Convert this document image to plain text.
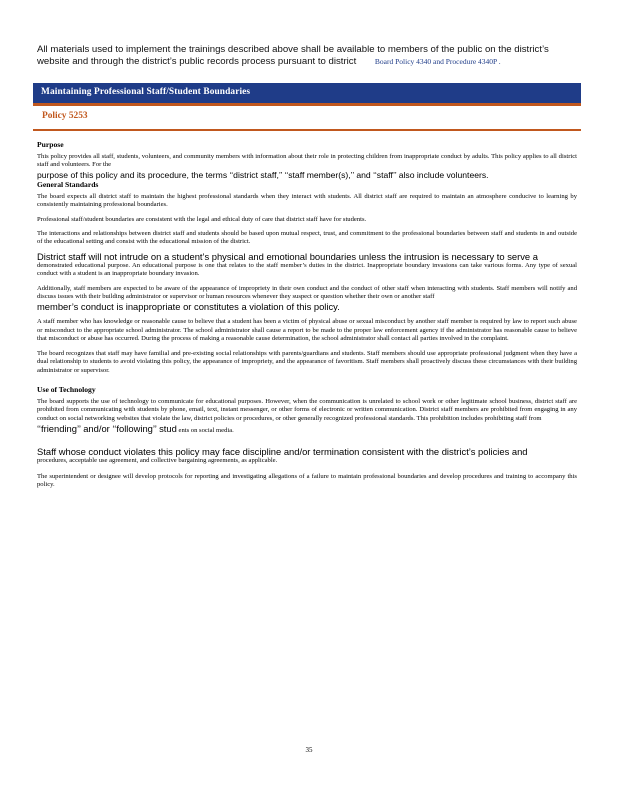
All materials used to implement the trainings described above shall be available to members of the public on the district’s website and through the district’s public records process pursuant to district Board Policy 4340 and Procedure 4340P .
Maintaining Professional Staff/Student Boundaries
Policy 5253

Purpose

This policy provides all staff, students, volunteers, and community members with information about their role in protecting children from inappropriate conduct by adults. This policy applies to all district staff and volunteers. For the

purpose of this policy and its procedure, the terms ‘‘district staff,’’ ‘‘staff member(s),’’ and ‘‘staff’’ also include volunteers.

General Standards

The board expects all district staff to maintain the highest professional standards when they interact with students. All district staff are required to maintain an atmosphere conducive to learning by consistently maintaining professional boundaries.

Professional staff/student boundaries are consistent with the legal and ethical duty of care that district staff have for students.

The interactions and relationships between district staff and students should be based upon mutual respect, trust, and commitment to the professional boundaries between staff and students in and outside of the educational setting and consist with the educational mission of the district.

District staff will not intrude on a student’s physical and emotional boundaries unless the intrusion is necessary to serve a

demonstrated educational purpose. An educational purpose is one that relates to the staff member’s duties in the district. Inappropriate boundary invasions can take various forms. Any type of sexual conduct with a student is an inappropriate boundary invasion.

Additionally, staff members are expected to be aware of the appearance of impropriety in their own conduct and the conduct of other staff when interacting with students. Staff members will notify and discuss issues with their building administrator or supervisor or human resources whenever they suspect or question whether their own or another staff

member’s conduct is inappropriate or constitutes a violation of this policy.

A staff member who has knowledge or reasonable cause to believe that a student has been a victim of physical abuse or sexual misconduct by another staff member is required by law to report such abuse or misconduct to the appropriate school administrator. The school administrator shall cause a report to be made to the proper law enforcement agency if the administrator has reasonable cause to believe that misconduct or abuse has occurred. During the process of making a reasonable cause determination, the school administrator shall contact all parties involved in the complaint.

The board recognizes that staff may have familial and pre-existing social relationships with parents/guardians and students. Staff members should use appropriate professional judgment when they have a dual relationship to students to avoid violating this policy, the appearance of impropriety, and the appearance of favoritism. Staff members shall proactively discuss these circumstances with their building administrator or supervisor.

Use of Technology

The board supports the use of technology to communicate for educational purposes. However, when the communication is unrelated to school work or other legitimate school business, district staff are prohibited from communicating with students by phone, email, text, instant messenger, or other forms of electronic or written communication. District staff members are prohibited from engaging in any conduct on social networking websites that violate the law, district policies or procedures, or other generally recognized professional standards. This prohibition includes prohibiting staff from

‘‘friending’’ and/or ‘‘following’’ stud ents on social media.

Staff whose conduct violates this policy may face discipline and/or termination consistent with the district’s policies and

procedures, acceptable use agreement, and collective bargaining agreements, as applicable.

The superintendent or designee will develop protocols for reporting and investigating allegations of a failure to maintain professional boundaries and develop procedures and training to accompany this policy.

35
